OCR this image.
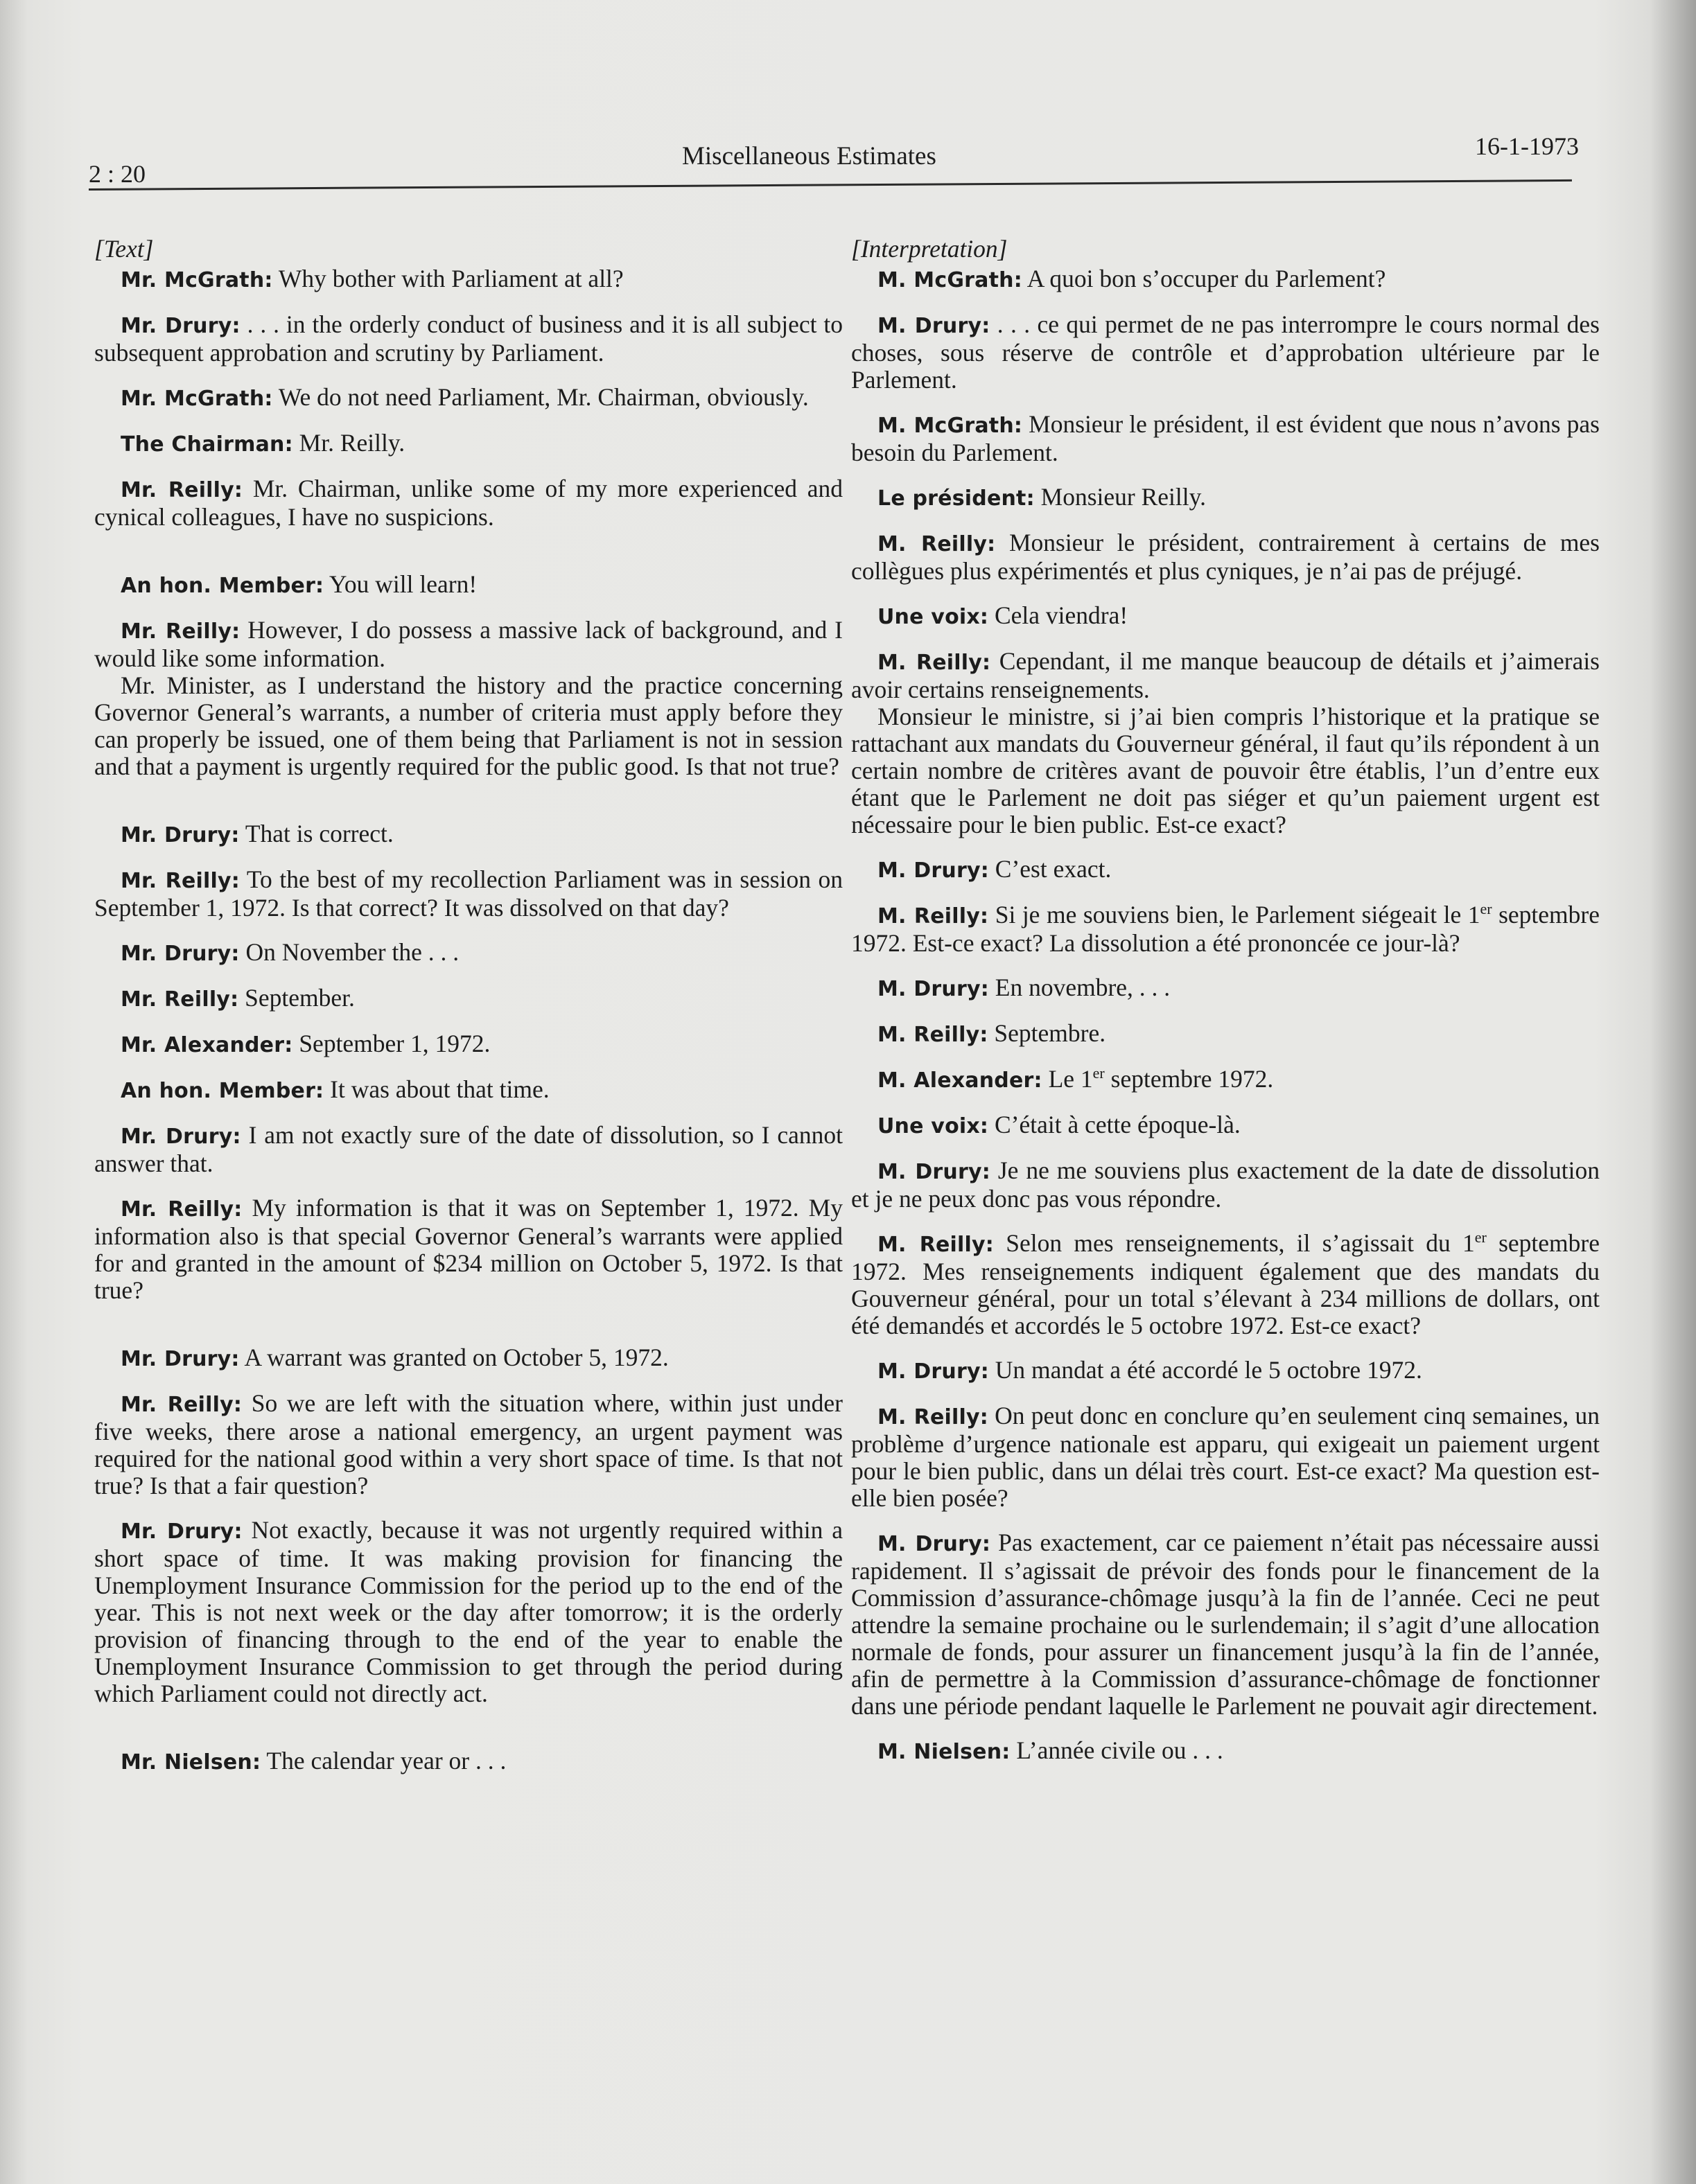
2 : 20
Miscellaneous Estimates	16-1-1973
[Text]

Mr. McGrath: Why bother with Parliament at all?

Mr. Drury: . . . in the orderly conduct of business and it is all subject to subsequent approbation and scrutiny by Parliament.

Mr. McGrath: We do not need Parliament, Mr. Chairman, obviously.

The Chairman: Mr. Reilly.

Mr. Reilly: Mr. Chairman, unlike some of my more experienced and cynical colleagues, I have no suspicions.

An hon. Member: You will learn!

Mr. Reilly: However, I do possess a massive lack of background, and I would like some information.

Mr. Minister, as I understand the history and the practice concerning Governor General’s warrants, a number of criteria must apply before they can properly be issued, one of them being that Parliament is not in session and that a payment is urgently required for the public good. Is that not true?

Mr. Drury: That is correct.

Mr. Reilly: To the best of my recollection Parliament was in session on September 1, 1972. Is that correct? It was dissolved on that day?

Mr. Drury: On November the . . .

Mr. Reilly: September.

Mr. Alexander: September 1, 1972.

An hon. Member: It was about that time.

Mr. Drury: I am not exactly sure of the date of dissolution, so I cannot answer that.

Mr. Reilly: My information is that it was on September 1, 1972. My information also is that special Governor General’s warrants were applied for and granted in the amount of $234 million on October 5, 1972. Is that true?

Mr. Drury: A warrant was granted on October 5, 1972.

Mr. Reilly: So we are left with the situation where, within just under five weeks, there arose a national emergency, an urgent payment was required for the national good within a very short space of time. Is that not true? Is that a fair question?

Mr. Drury: Not exactly, because it was not urgently required within a short space of time. It was making provision for financing the Unemployment Insurance Commission for the period up to the end of the year. This is not next week or the day after tomorrow; it is the orderly provision of financing through to the end of the year to enable the Unemployment Insurance Commission to get through the period during which Parliament could not directly act.

Mr. Nielsen: The calendar year or . . .

[Interpretation]

M. McGrath: A quoi bon s’occuper du Parlement?

M. Drury: . . . ce qui permet de ne pas interrompre le cours normal des choses, sous réserve de contrôle et d’approbation ultérieure par le Parlement.

M. McGrath: Monsieur le président, il est évident que nous n’avons pas besoin du Parlement.

Le président: Monsieur Reilly.

M. Reilly: Monsieur le président, contrairement à certains de mes collègues plus expérimentés et plus cyniques, je n’ai pas de préjugé.

Une voix: Cela viendra!

M. Reilly: Cependant, il me manque beaucoup de détails et j’aimerais avoir certains renseignements.

Monsieur le ministre, si j’ai bien compris l’historique et la pratique se rattachant aux mandats du Gouverneur général, il faut qu’ils répondent à un certain nombre de critères avant de pouvoir être établis, l’un d’entre eux étant que le Parlement ne doit pas siéger et qu’un paiement urgent est nécessaire pour le bien public. Est-ce exact?

M. Drury: C’est exact.

M. Reilly: Si je me souviens bien, le Parlement siégeait le 1er septembre 1972. Est-ce exact? La dissolution a été prononcée ce jour-là?

M. Drury: En novembre, . . .

M. Reilly: Septembre.

M. Alexander: Le 1er septembre 1972.

Une voix: C’était à cette époque-là.

M. Drury: Je ne me souviens plus exactement de la date de dissolution et je ne peux donc pas vous répondre.

M. Reilly: Selon mes renseignements, il s’agissait du 1er septembre 1972. Mes renseignements indiquent également que des mandats du Gouverneur général, pour un total s’élevant à 234 millions de dollars, ont été demandés et accordés le 5 octobre 1972. Est-ce exact?

M. Drury: Un mandat a été accordé le 5 octobre 1972.

M. Reilly: On peut donc en conclure qu’en seulement cinq semaines, un problème d’urgence nationale est apparu, qui exigeait un paiement urgent pour le bien public, dans un délai très court. Est-ce exact? Ma question est-elle bien posée?

M. Drury: Pas exactement, car ce paiement n’était pas nécessaire aussi rapidement. Il s’agissait de prévoir des fonds pour le financement de la Commission d’assurance-chômage jusqu’à la fin de l’année. Ceci ne peut attendre la semaine prochaine ou le surlendemain; il s’agit d’une allocation normale de fonds, pour assurer un financement jusqu’à la fin de l’année, afin de permettre à la Commission d’assurance-chômage de fonctionner dans une période pendant laquelle le Parlement ne pouvait agir directement.

M. Nielsen: L’année civile ou . . .
